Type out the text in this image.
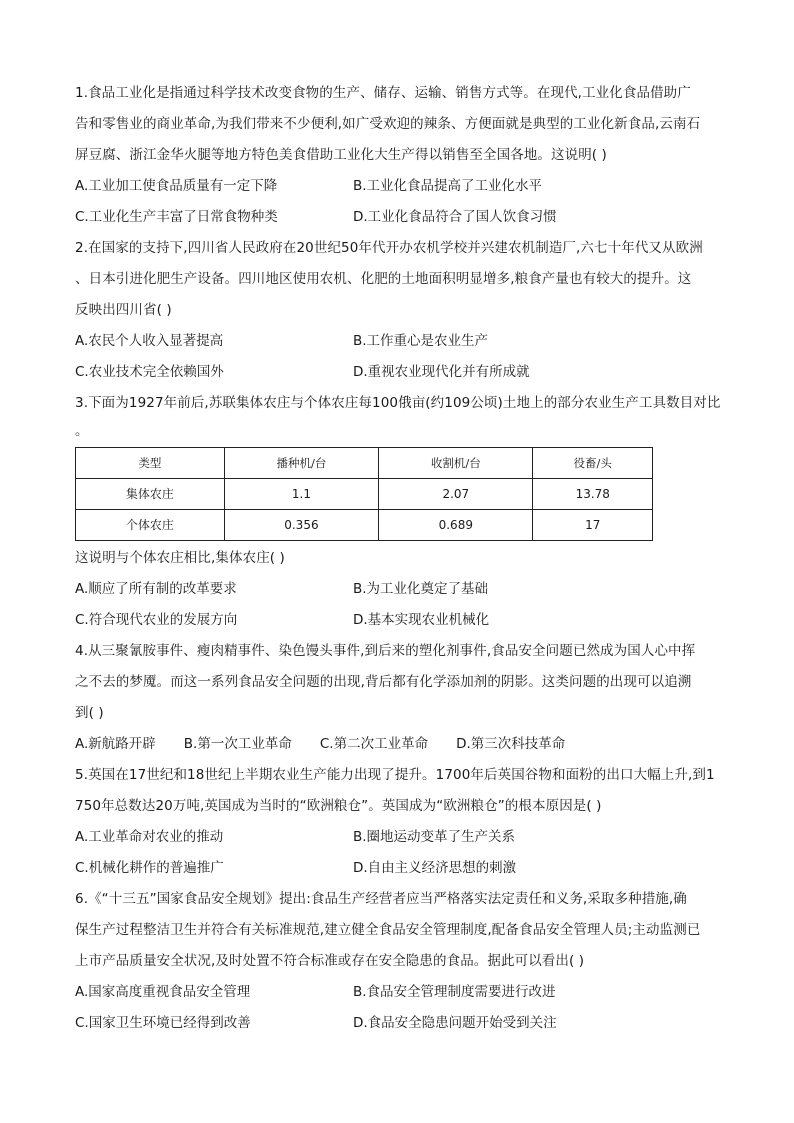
1.食品工业化是指通过科学技术改变食物的生产、储存、运输、销售方式等。在现代,工业化食品借助广

告和零售业的商业革命,为我们带来不少便利,如广受欢迎的辣条、方便面就是典型的工业化新食品,云南石

屏豆腐、浙江金华火腿等地方特色美食借助工业化大生产得以销售至全国各地。这说明( )

A.工业加工使食品质量有一定下降	B.工业化食品提高了工业化水平
C.工业化生产丰富了日常食物种类	D.工业化食品符合了国人饮食习惯

2.在国家的支持下,四川省人民政府在20世纪50年代开办农机学校并兴建农机制造厂,六七十年代又从欧洲

、日本引进化肥生产设备。四川地区使用农机、化肥的土地面积明显增多,粮食产量也有较大的提升。这

反映出四川省( )

A.农民个人收入显著提高	B.工作重心是农业生产
C.农业技术完全依赖国外	D.重视农业现代化并有所成就

3.下面为1927年前后,苏联集体农庄与个体农庄每100俄亩(约109公顷)土地上的部分农业生产工具数目对比

。

类型	播种机/台	收割机/台	役畜/头
集体农庄	1.1	2.07	13.78
个体农庄	0.356	0.689	17

这说明与个体农庄相比,集体农庄( )

A.顺应了所有制的改革要求	B.为工业化奠定了基础
C.符合现代农业的发展方向	D.基本实现农业机械化

4.从三聚氰胺事件、瘦肉精事件、染色馒头事件,到后来的塑化剂事件,食品安全问题已然成为国人心中挥

之不去的梦魇。而这一系列食品安全问题的出现,背后都有化学添加剂的阴影。这类问题的出现可以追溯

到( )

A.新航路开辟 B.第一次工业革命 C.第二次工业革命 D.第三次科技革命

5.英国在17世纪和18世纪上半期农业生产能力出现了提升。1700年后英国谷物和面粉的出口大幅上升,到1

750年总数达20万吨,英国成为当时的“欧洲粮仓”。英国成为“欧洲粮仓”的根本原因是( )

A.工业革命对农业的推动	B.圈地运动变革了生产关系
C.机械化耕作的普遍推广	D.自由主义经济思想的刺激

6.《“十三五”国家食品安全规划》提出:食品生产经营者应当严格落实法定责任和义务,采取多种措施,确

保生产过程整洁卫生并符合有关标准规范,建立健全食品安全管理制度,配备食品安全管理人员;主动监测已

上市产品质量安全状况,及时处置不符合标准或存在安全隐患的食品。据此可以看出( )

A.国家高度重视食品安全管理	B.食品安全管理制度需要进行改进
C.国家卫生环境已经得到改善	D.食品安全隐患问题开始受到关注
